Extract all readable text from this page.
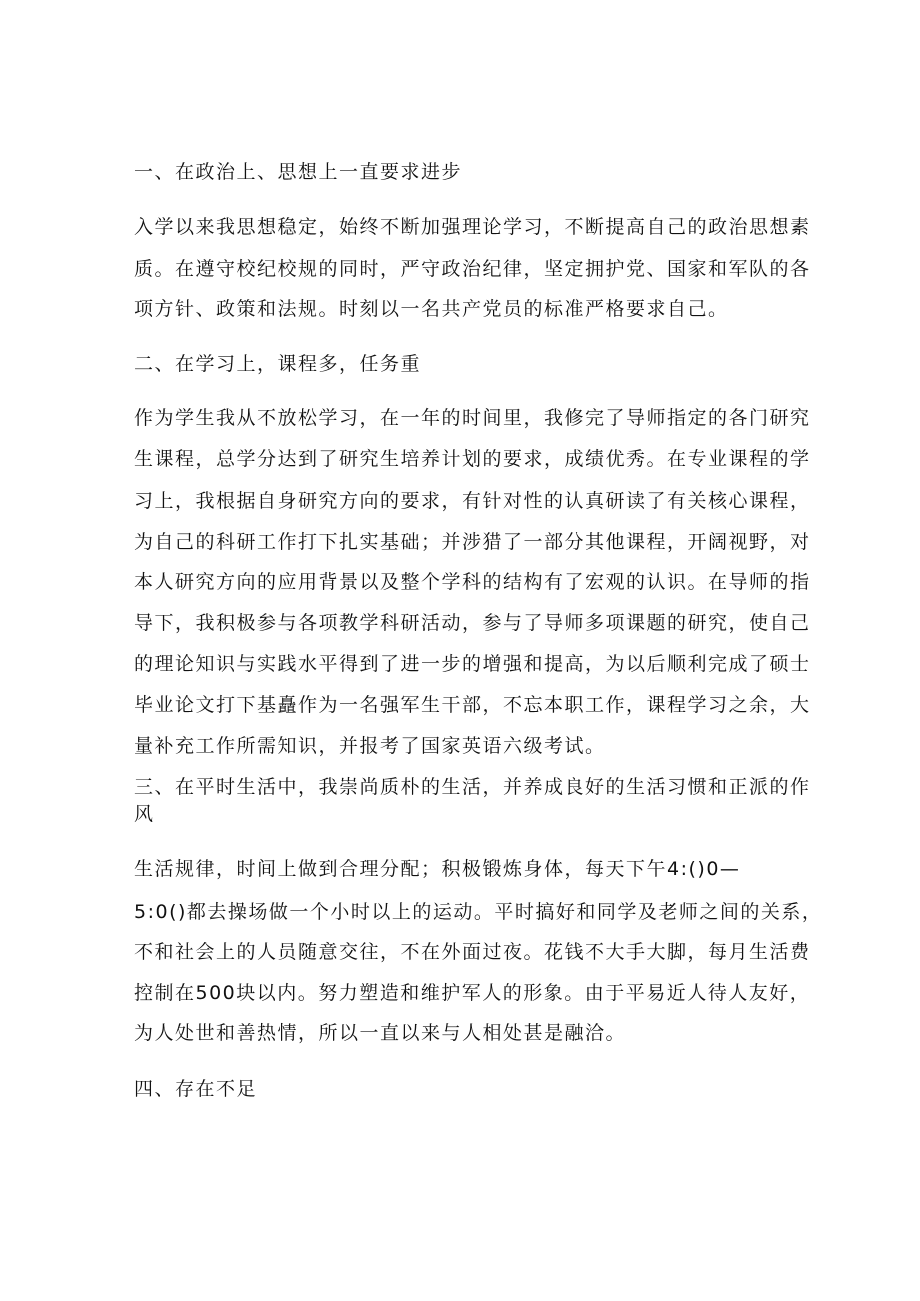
一、在政治上、思想上一直要求进步
入学以来我思想稳定，始终不断加强理论学习，不断提高自己的政治思想素
质。在遵守校纪校规的同时，严守政治纪律，坚定拥护党、国家和军队的各
项方针、政策和法规。时刻以一名共产党员的标准严格要求自己。
二、在学习上，课程多，任务重
作为学生我从不放松学习，在一年的时间里，我修完了导师指定的各门研究
生课程，总学分达到了研究生培养计划的要求，成绩优秀。在专业课程的学
习上，我根据自身研究方向的要求，有针对性的认真研读了有关核心课程，
为自己的科研工作打下扎实基础；并涉猎了一部分其他课程，开阔视野，对
本人研究方向的应用背景以及整个学科的结构有了宏观的认识。在导师的指
导下，我积极参与各项教学科研活动，参与了导师多项课题的研究，使自己
的理论知识与实践水平得到了进一步的增强和提高，为以后顺利完成了硕士
毕业论文打下基矗作为一名强军生干部，不忘本职工作，课程学习之余，大
量补充工作所需知识，并报考了国家英语六级考试。
三、在平时生活中，我崇尚质朴的生活，并养成良好的生活习惯和正派的作
风
生活规律，时间上做到合理分配；积极锻炼身体，每天下午4:()0—
5:0()都去操场做一个小时以上的运动。平时搞好和同学及老师之间的关系，
不和社会上的人员随意交往，不在外面过夜。花钱不大手大脚，每月生活费
控制在500块以内。努力塑造和维护军人的形象。由于平易近人待人友好，
为人处世和善热情，所以一直以来与人相处甚是融洽。
四、存在不足
